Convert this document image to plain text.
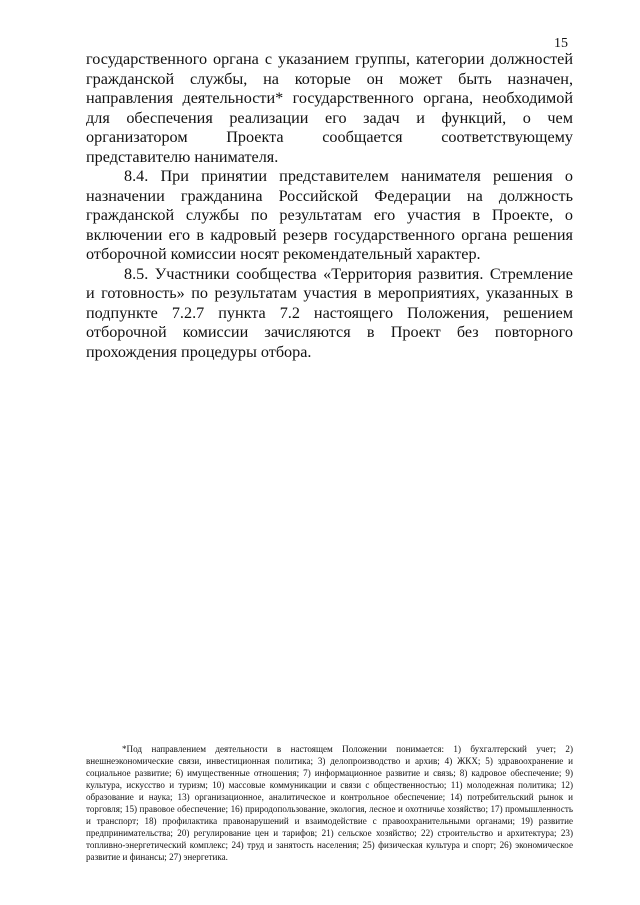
15

государственного органа с указанием группы, категории должностей гражданской службы, на которые он может быть назначен, направления деятельности* государственного органа, необходимой для обеспечения реализации его задач и функций, о чем организатором Проекта сообщается соответствующему представителю нанимателя.

8.4. При принятии представителем нанимателя решения о назначении гражданина Российской Федерации на должность гражданской службы по результатам его участия в Проекте, о включении его в кадровый резерв государственного органа решения отборочной комиссии носят рекомендательный характер.

8.5. Участники сообщества «Территория развития. Стремление и готовность» по результатам участия в мероприятиях, указанных в подпункте 7.2.7 пункта 7.2 настоящего Положения, решением отборочной комиссии зачисляются в Проект без повторного прохождения процедуры отбора.

*Под направлением деятельности в настоящем Положении понимается: 1) бухгалтерский учет; 2) внешнеэкономические связи, инвестиционная политика; 3) делопроизводство и архив; 4) ЖКХ; 5) здравоохранение и социальное развитие; 6) имущественные отношения; 7) информационное развитие и связь; 8) кадровое обеспечение; 9) культура, искусство и туризм; 10) массовые коммуникации и связи с общественностью; 11) молодежная политика; 12) образование и наука; 13) организационное, аналитическое и контрольное обеспечение; 14) потребительский рынок и торговля; 15) правовое обеспечение; 16) природопользование, экология, лесное и охотничье хозяйство; 17) промышленность и транспорт; 18) профилактика правонарушений и взаимодействие с правоохранительными органами; 19) развитие предпринимательства; 20) регулирование цен и тарифов; 21) сельское хозяйство; 22) строительство и архитектура; 23) топливно-энергетический комплекс; 24) труд и занятость населения; 25) физическая культура и спорт; 26) экономическое развитие и финансы; 27) энергетика.
